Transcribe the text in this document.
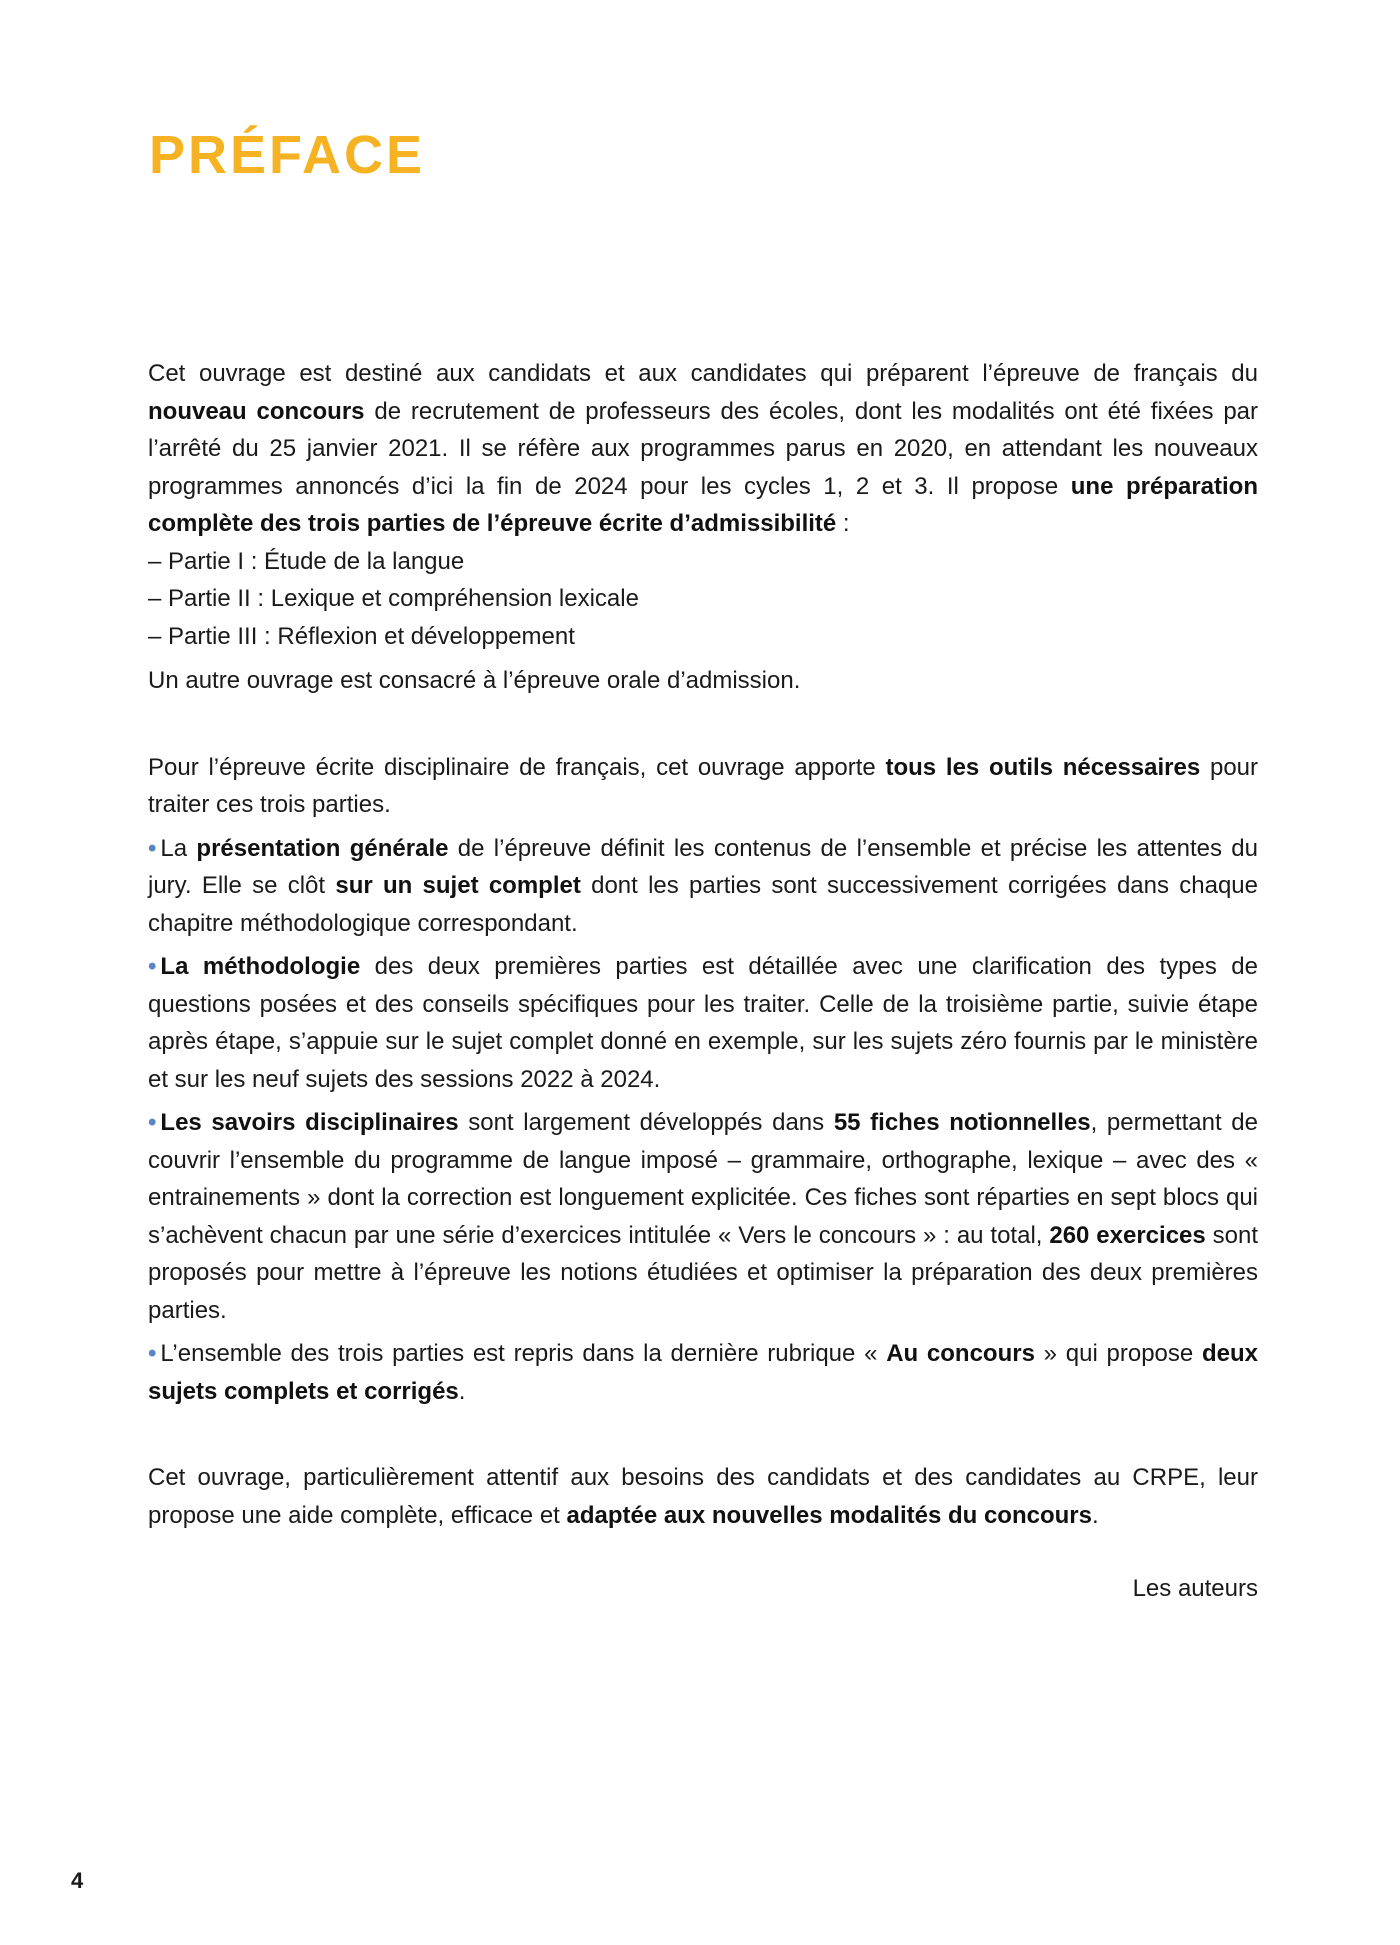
PRÉFACE

Cet ouvrage est destiné aux candidats et aux candidates qui préparent l’épreuve de français du nouveau concours de recrutement de professeurs des écoles, dont les modalités ont été fixées par l’arrêté du 25 janvier 2021. Il se réfère aux programmes parus en 2020, en attendant les nouveaux programmes annoncés d’ici la fin de 2024 pour les cycles 1, 2 et 3. Il propose une préparation complète des trois parties de l’épreuve écrite d’admissibilité :

– Partie I : Étude de la langue

– Partie II : Lexique et compréhension lexicale

– Partie III : Réflexion et développement

Un autre ouvrage est consacré à l’épreuve orale d’admission.

Pour l’épreuve écrite disciplinaire de français, cet ouvrage apporte tous les outils nécessaires pour traiter ces trois parties.

• La présentation générale de l’épreuve définit les contenus de l’ensemble et précise les attentes du jury. Elle se clôt sur un sujet complet dont les parties sont successivement corrigées dans chaque chapitre méthodologique correspondant.

• La méthodologie des deux premières parties est détaillée avec une clarification des types de questions posées et des conseils spécifiques pour les traiter. Celle de la troisième partie, suivie étape après étape, s’appuie sur le sujet complet donné en exemple, sur les sujets zéro fournis par le ministère et sur les neuf sujets des sessions 2022 à 2024.

• Les savoirs disciplinaires sont largement développés dans 55 fiches notionnelles, permettant de couvrir l’ensemble du programme de langue imposé – grammaire, orthographe, lexique – avec des « entrainements » dont la correction est longuement explicitée. Ces fiches sont réparties en sept blocs qui s’achèvent chacun par une série d’exercices intitulée « Vers le concours » : au total, 260 exercices sont proposés pour mettre à l’épreuve les notions étudiées et optimiser la préparation des deux premières parties.

• L’ensemble des trois parties est repris dans la dernière rubrique « Au concours » qui propose deux sujets complets et corrigés.

Cet ouvrage, particulièrement attentif aux besoins des candidats et des candidates au CRPE, leur propose une aide complète, efficace et adaptée aux nouvelles modalités du concours.

Les auteurs

4
